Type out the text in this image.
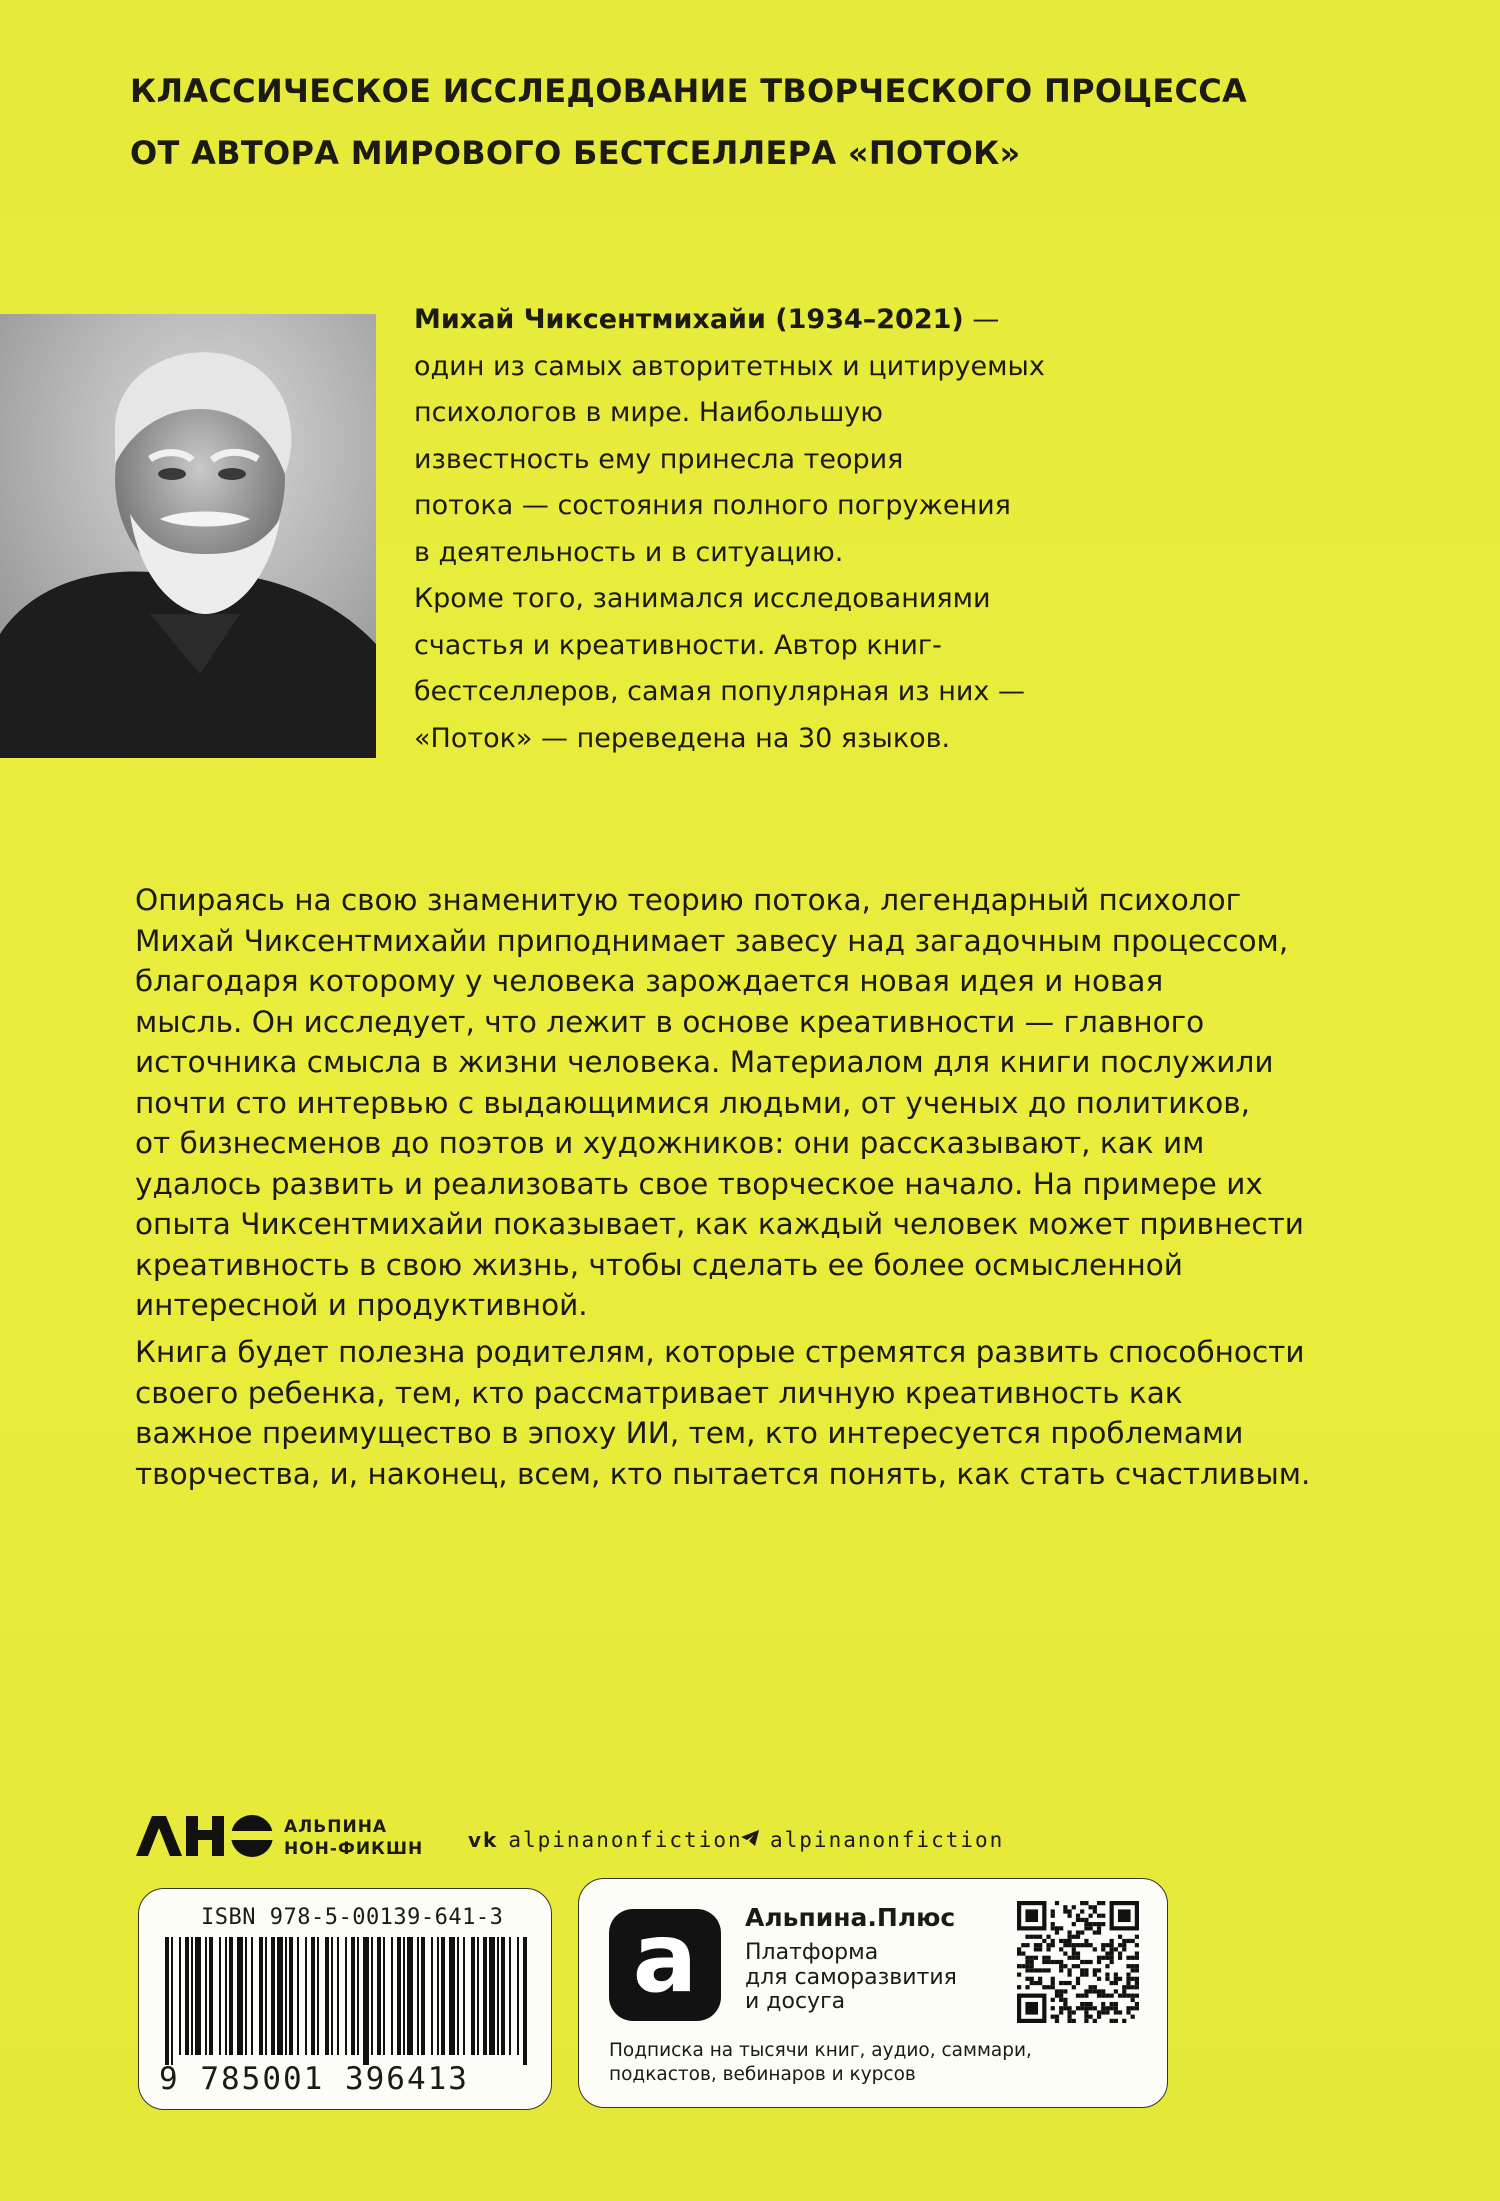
КЛАССИЧЕСКОЕ ИССЛЕДОВАНИЕ ТВОРЧЕСКОГО ПРОЦЕССА
ОТ АВТОРА МИРОВОГО БЕСТСЕЛЛЕРА «ПОТОК»
Михай Чиксентмихайи (1934–2021) —
один из самых авторитетных и цитируемых
психологов в мире. Наибольшую
известность ему принесла теория
потока — состояния полного погружения
в деятельность и в ситуацию.
Кроме того, занимался исследованиями
счастья и креативности. Автор книг-
бестселлеров, самая популярная из них —
«Поток» — переведена на 30 языков.
Опираясь на свою знаменитую теорию потока, легендарный психолог
Михай Чиксентмихайи приподнимает завесу над загадочным процессом,
благодаря которому у человека зарождается новая идея и новая
мысль. Он исследует, что лежит в основе креативности — главного
источника смысла в жизни человека. Материалом для книги послужили
почти сто интервью с выдающимися людьми, от ученых до политиков,
от бизнесменов до поэтов и художников: они рассказывают, как им
удалось развить и реализовать свое творческое начало. На примере их
опыта Чиксентмихайи показывает, как каждый человек может привнести
креативность в свою жизнь, чтобы сделать ее более осмысленной
интересной и продуктивной.
Книга будет полезна родителям, которые стремятся развить способности
своего ребенка, тем, кто рассматривает личную креативность как
важное преимущество в эпоху ИИ, тем, кто интересуется проблемами
творчества, и, наконец, всем, кто пытается понять, как стать счастливым.
АЛЬПИНА
НОН-ФИКШН vk alpinanonfiction	alpinanonfiction
ISBN 978-5-00139-641-3
9 785001 396413
a	Альпина.Плюс
Платформа
для саморазвития
и досуга
Подписка на тысячи книг, аудио, саммари,
подкастов, вебинаров и курсов
